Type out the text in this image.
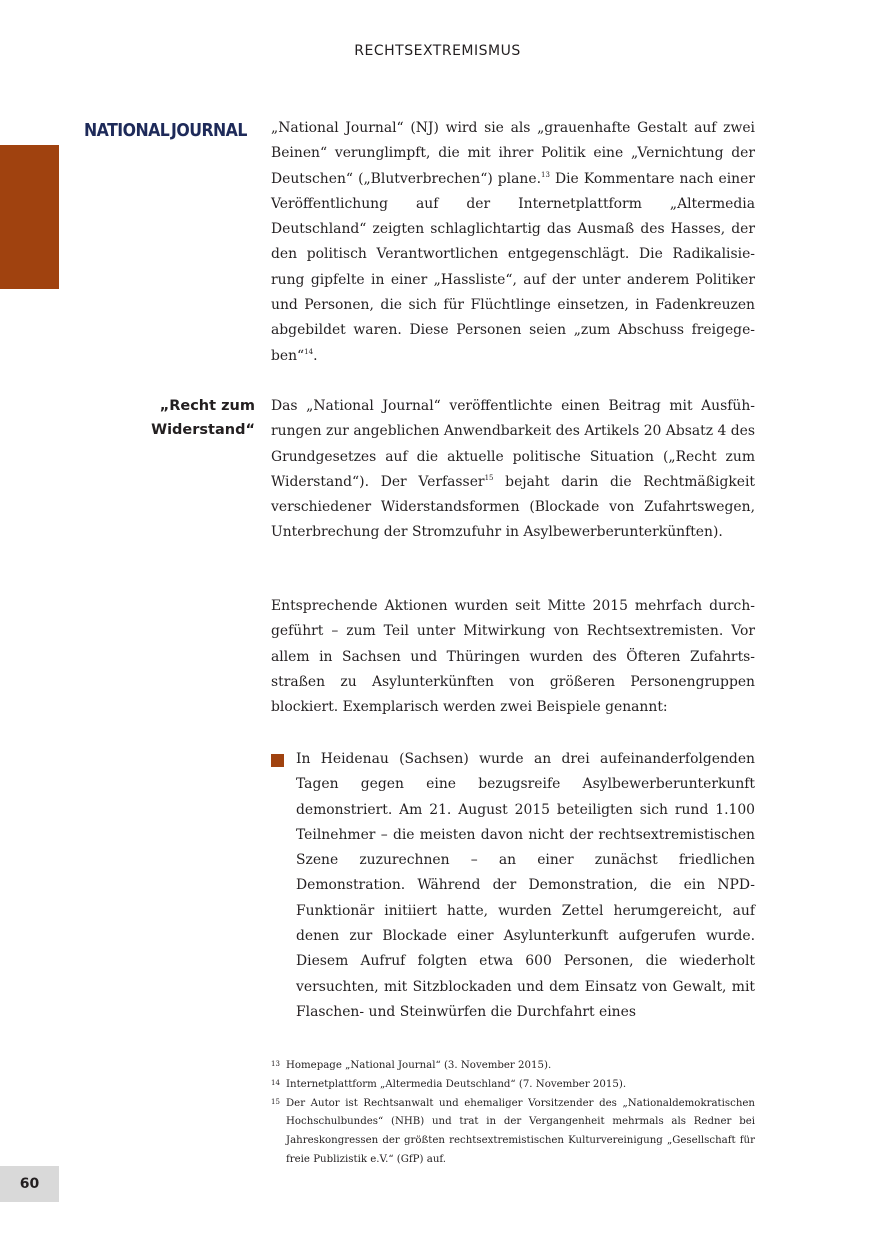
RECHTSEXTREMISMUS
NATIONAL JOURNAL „National Journal“ (NJ) wird sie als „grauenhafte Gestalt auf zwei Beinen“ verunglimpft, die mit ihrer Politik eine „Vernichtung der Deutschen“ („Blutverbrechen“) plane.$^{13}$ Die Kommentare nach einer Veröffentlichung auf der Internetplattform „Altermedia Deutschland“ zeigten schlaglichtartig das Ausmaß des Hasses, der den politisch Verantwortlichen entgegenschlägt. Die Radikalisierung gipfelte in einer „Hassliste“, auf der unter anderem Politiker und Personen, die sich für Flüchtlinge einsetzen, in Fadenkreuzen abgebildet waren. Diese Personen seien „zum Abschuss freigegeben“$^{14}$.

„Recht zum
Widerstand“

Das „National Journal“ veröffentlichte einen Beitrag mit Ausführungen zur angeblichen Anwendbarkeit des Artikels 20 Absatz 4 des Grundgesetzes auf die aktuelle politische Situation („Recht zum Widerstand“). Der Verfasser$^{15}$ bejaht darin die Rechtmäßigkeit verschiedener Widerstandsformen (Blockade von Zufahrtswegen, Unterbrechung der Stromzufuhr in Asylbewerberunterkünften).

Entsprechende Aktionen wurden seit Mitte 2015 mehrfach durchgeführt – zum Teil unter Mitwirkung von Rechtsextremisten. Vor allem in Sachsen und Thüringen wurden des Öfteren Zufahrtsstraßen zu Asylunterkünften von größeren Personengruppen blockiert. Exemplarisch werden zwei Beispiele genannt:

In Heidenau (Sachsen) wurde an drei aufeinanderfolgenden Tagen gegen eine bezugsreife Asylbewerberunterkunft demonstriert. Am 21. August 2015 beteiligten sich rund 1.100 Teilnehmer – die meisten davon nicht der rechtsextremistischen Szene zuzurechnen – an einer zunächst friedlichen Demonstration. Während der Demonstration, die ein NPD-Funktionär initiiert hatte, wurden Zettel herumgereicht, auf denen zur Blockade einer Asylunterkunft aufgerufen wurde. Diesem Aufruf folgten etwa 600 Personen, die wiederholt versuchten, mit Sitzblockaden und dem Einsatz von Gewalt, mit Flaschen- und Steinwürfen die Durchfahrt eines

13 Homepage „National Journal“ (3. November 2015).
14 Internetplattform „Altermedia Deutschland“ (7. November 2015).
15 Der Autor ist Rechtsanwalt und ehemaliger Vorsitzender des „Nationaldemokratischen Hochschulbundes“ (NHB) und trat in der Vergangenheit mehrmals als Redner bei Jahreskongressen der größten rechtsextremistischen Kulturvereinigung „Gesellschaft für freie Publizistik e.V.“ (GfP) auf.
60
